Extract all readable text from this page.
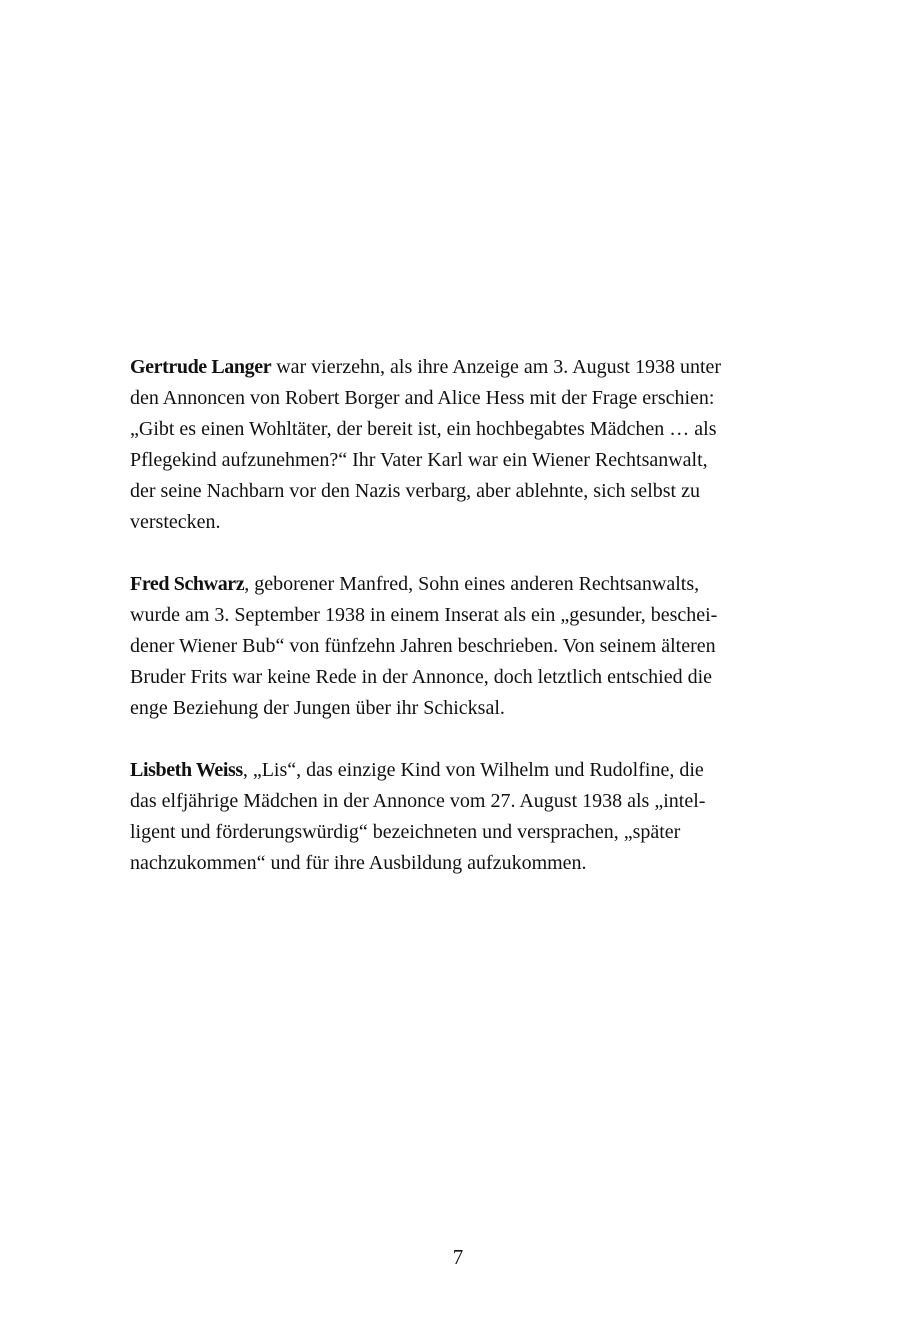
Gertrude Langer war vierzehn, als ihre Anzeige am 3. August 1938 unter
den Annoncen von Robert Borger and Alice Hess mit der Frage erschien:
„Gibt es einen Wohltäter, der bereit ist, ein hochbegabtes Mädchen … als
Pflegekind aufzunehmen?“ Ihr Vater Karl war ein Wiener Rechtsanwalt,
der seine Nachbarn vor den Nazis verbarg, aber ablehnte, sich selbst zu
verstecken.

Fred Schwarz, geborener Manfred, Sohn eines anderen Rechtsanwalts,
wurde am 3. September 1938 in einem Inserat als ein „gesunder, beschei-
dener Wiener Bub“ von fünfzehn Jahren beschrieben. Von seinem älteren
Bruder Frits war keine Rede in der Annonce, doch letztlich entschied die
enge Beziehung der Jungen über ihr Schicksal.

Lisbeth Weiss, „Lis“, das einzige Kind von Wilhelm und Rudolfine, die
das elfjährige Mädchen in der Annonce vom 27. August 1938 als „intel-
ligent und förderungswürdig“ bezeichneten und versprachen, „später
nachzukommen“ und für ihre Ausbildung aufzukommen.

7
